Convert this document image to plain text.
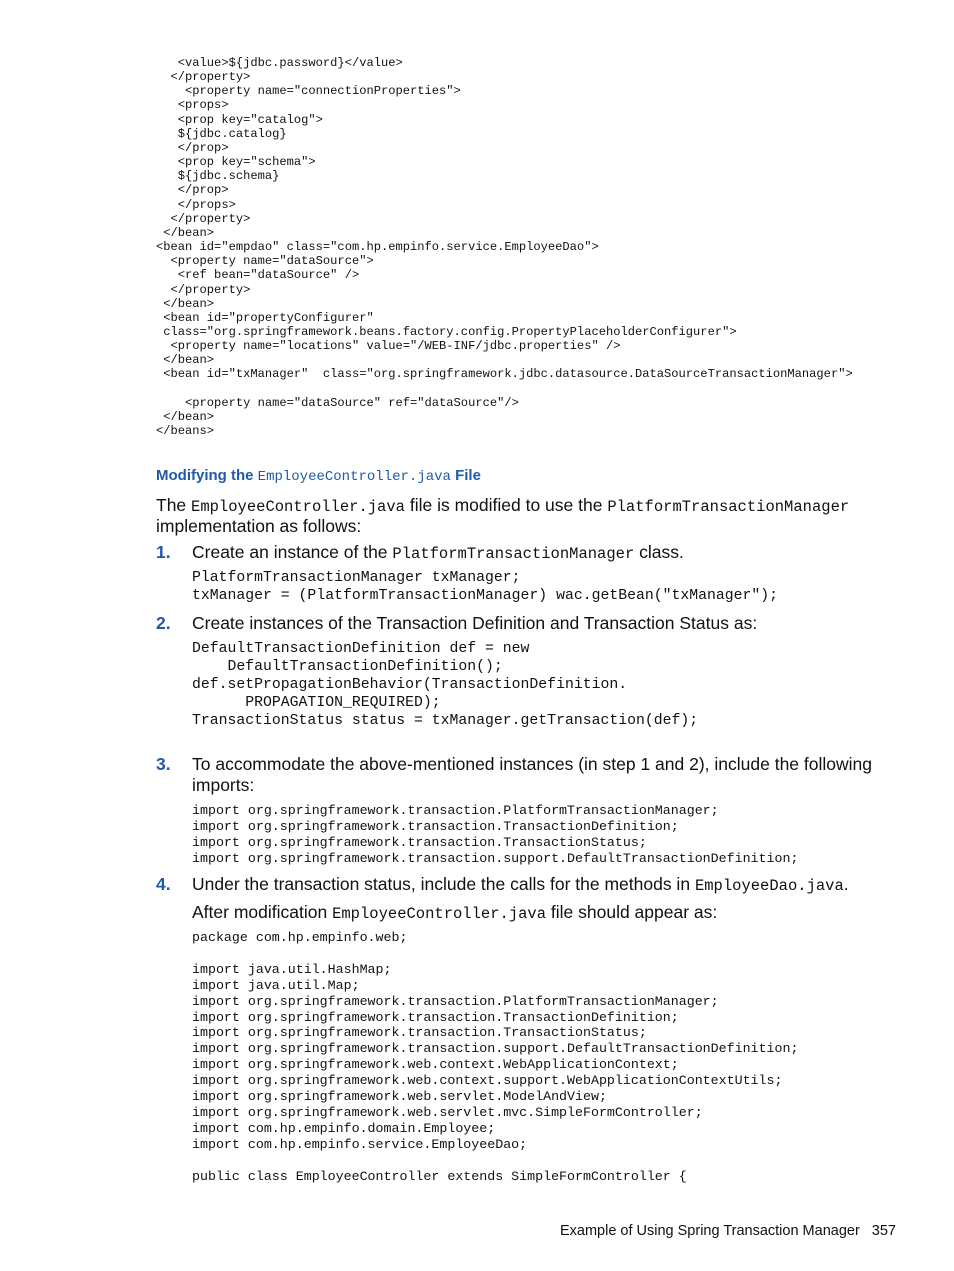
<value>${jdbc.password}</value>
</property>
<property name="connectionProperties">
<props>
<prop key="catalog">
${jdbc.catalog}
</prop>
<prop key="schema">
${jdbc.schema}
</prop>
</props>
</property>
</bean>
<bean id="empdao" class="com.hp.empinfo.service.EmployeeDao">
<property name="dataSource">
<ref bean="dataSource" />
</property>
</bean>
<bean id="propertyConfigurer"
class="org.springframework.beans.factory.config.PropertyPlaceholderConfigurer">
<property name="locations" value="/WEB-INF/jdbc.properties" />
</bean>
<bean id="txManager"  class="org.springframework.jdbc.datasource.DataSourceTransactionManager">

<property name="dataSource" ref="dataSource"/>
</bean>
</beans>
Modifying the EmployeeController.java File
The EmployeeController.java file is modified to use the PlatformTransactionManager
implementation as follows:
1. Create an instance of the PlatformTransactionManager class.
PlatformTransactionManager txManager;
txManager = (PlatformTransactionManager) wac.getBean("txManager");
2. Create instances of the Transaction Definition and Transaction Status as:
DefaultTransactionDefinition def = new
DefaultTransactionDefinition();
def.setPropagationBehavior(TransactionDefinition.
PROPAGATION_REQUIRED);
TransactionStatus status = txManager.getTransaction(def);
3. To accommodate the above-mentioned instances (in step 1 and 2), include the following
imports:
import org.springframework.transaction.PlatformTransactionManager;
import org.springframework.transaction.TransactionDefinition;
import org.springframework.transaction.TransactionStatus;
import org.springframework.transaction.support.DefaultTransactionDefinition;
4. Under the transaction status, include the calls for the methods in EmployeeDao.java.
After modification EmployeeController.java file should appear as:
package com.hp.empinfo.web;

import java.util.HashMap;
import java.util.Map;
import org.springframework.transaction.PlatformTransactionManager;
import org.springframework.transaction.TransactionDefinition;
import org.springframework.transaction.TransactionStatus;
import org.springframework.transaction.support.DefaultTransactionDefinition;
import org.springframework.web.context.WebApplicationContext;
import org.springframework.web.context.support.WebApplicationContextUtils;
import org.springframework.web.servlet.ModelAndView;
import org.springframework.web.servlet.mvc.SimpleFormController;
import com.hp.empinfo.domain.Employee;
import com.hp.empinfo.service.EmployeeDao;

public class EmployeeController extends SimpleFormController {
Example of Using Spring Transaction Manager 357
